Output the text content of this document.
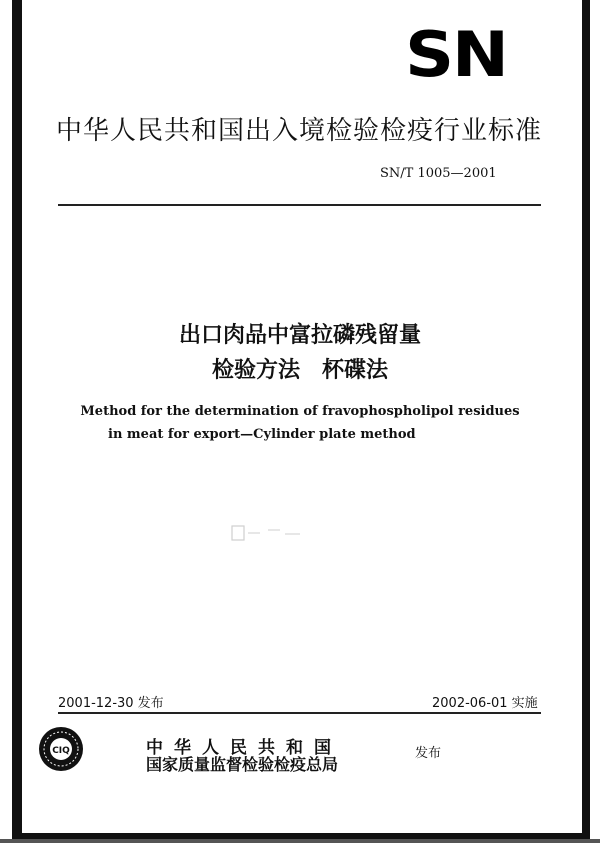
SN
中华人民共和国出入境检验检疫行业标准
SN/T 1005—2001
出口肉品中富拉磷残留量
检验方法　杯碟法
Method for the determination of fravophospholipol residues
in meat for export—Cylinder plate method
2001-12-30 发布	2002-06-01 实施
CIQ	中华人民共和国
国家质量监督检验检疫总局
发布
